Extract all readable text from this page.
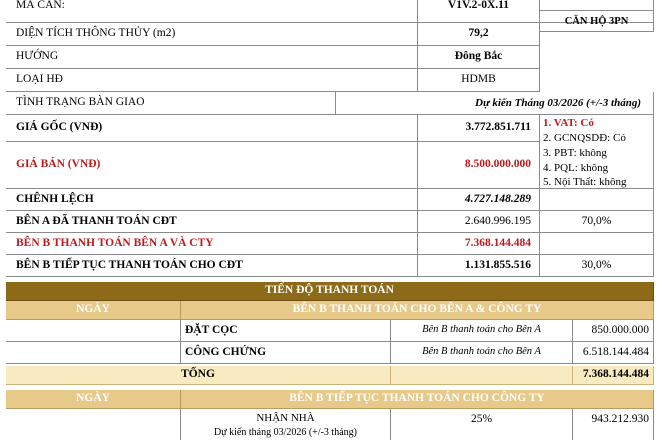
MÃ CĂN:	V1V.2-0X.11
CĂN HỘ 3PN
DIỆN TÍCH THÔNG THỦY (m2)	79,2
HƯỚNG	Đông Bắc
LOẠI HĐ	HDMB
TÌNH TRẠNG BÀN GIAO	Dự kiến Tháng 03/2026 (+/-3 tháng)
GIÁ GỐC (VNĐ)	3.772.851.711
GIÁ BÁN (VNĐ)	8.500.000.000
1. VAT: Có
2. GCNQSDĐ: Có
3. PBT: không
4. PQL: không
5. Nội Thất: không
CHÊNH LỆCH	4.727.148.289
BÊN A ĐÃ THANH TOÁN CĐT	2.640.996.195	70,0%
BÊN B THANH TOÁN BÊN A VÀ CTY	7.368.144.484
BÊN B TIẾP TỤC THANH TOÁN CHO CĐT	1.131.855.516	30,0%
TIẾN ĐỘ THANH TOÁN
NGÀY	BÊN B THANH TOÁN CHO BÊN A & CÔNG TY
ĐẶT CỌC	Bên B thanh toán cho Bên A	850.000.000
CÔNG CHỨNG	Bên B thanh toán cho Bên A	6.518.144.484
TỔNG	7.368.144.484
NGÀY	BÊN B TIẾP TỤC THANH TOÁN CHO CÔNG TY
NHẬN NHÀ
Dự kiến tháng 03/2026 (+/-3 tháng)
25%	943.212.930
